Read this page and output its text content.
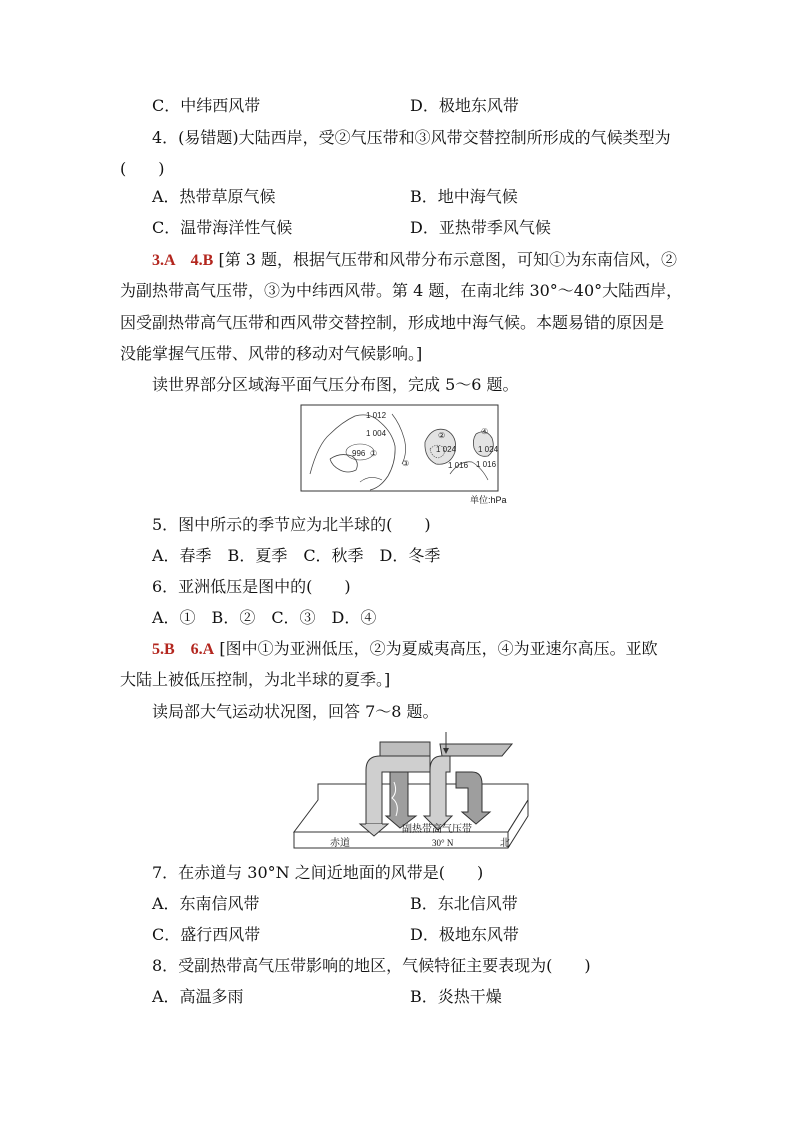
C．中纬西风带	D．极地东风带
4．(易错题)大陆西岸，受②气压带和③风带交替控制所形成的气候类型为
(　　)
A．热带草原气候	B．地中海气候
C．温带海洋性气候	D．亚热带季风气候
3.A　4.B [第 3 题，根据气压带和风带分布示意图，可知①为东南信风，②
为副热带高气压带，③为中纬西风带。第 4 题，在南北纬 30°～40°大陆西岸，
因受副热带高气压带和西风带交替控制，形成地中海气候。本题易错的原因是
没能掌握气压带、风带的移动对气候影响。]
读世界部分区域海平面气压分布图，完成 5～6 题。
1 012
1 004
996 ①
②
③
④
1 024
1 016
1 024
1 016
单位:hPa
5．图中所示的季节应为北半球的(　　)
A．春季　B．夏季　C．秋季　D．冬季
6．亚洲低压是图中的(　　)
A．①　B．②　C．③　D．④
5.B　6.A [图中①为亚洲低压，②为夏威夷高压，④为亚速尔高压。亚欧
大陆上被低压控制，为北半球的夏季。]
读局部大气运动状况图，回答 7～8 题。
副热带高气压带
赤道	30° N	北
7．在赤道与 30°N 之间近地面的风带是(　　)
A．东南信风带	B．东北信风带
C．盛行西风带	D．极地东风带
8．受副热带高气压带影响的地区，气候特征主要表现为(　　)
A．高温多雨	B．炎热干燥
